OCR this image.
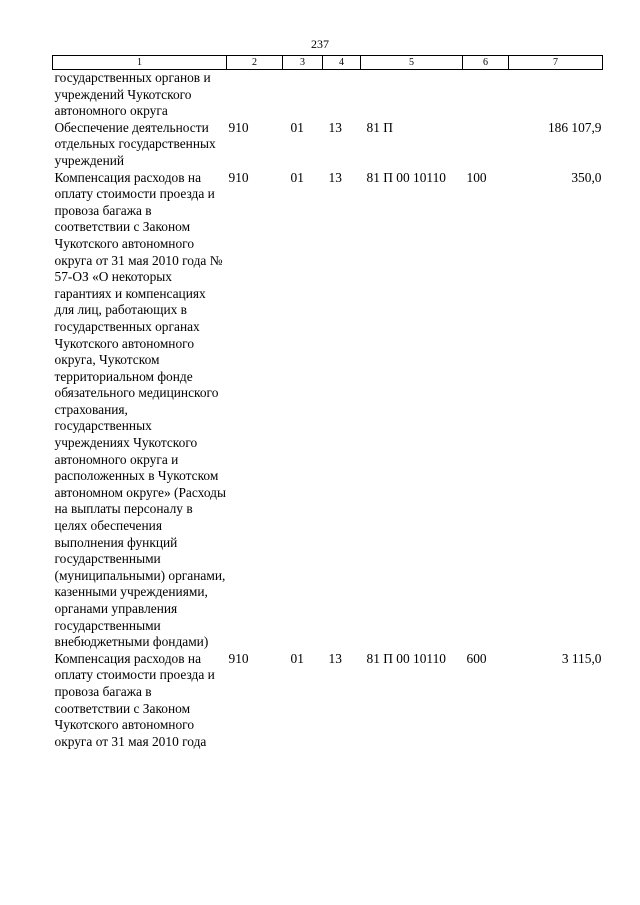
237
1	2	3	4	5	6	7
государственных органов и учреждений Чукотского автономного округа						
Обеспечение деятельности отдельных государственных учреждений	910	01	13	81 П		186 107,9
Компенсация расходов на оплату стоимости проезда и провоза багажа в соответствии с Законом Чукотского автономного округа от 31 мая 2010 года № 57-ОЗ «О некоторых гарантиях и компенсациях для лиц, работающих в государственных органах Чукотского автономного округа, Чукотском территориальном фонде обязательного медицинского страхования, государственных учреждениях Чукотского автономного округа и расположенных в Чукотском автономном округе» (Расходы на выплаты персоналу в целях обеспечения выполнения функций государственными (муниципальными) органами, казенными учреждениями, органами управления государственными внебюджетными фондами)	910	01	13	81 П 00 10110	100	350,0
Компенсация расходов на оплату стоимости проезда и провоза багажа в соответствии с Законом Чукотского автономного округа от 31 мая 2010 года	910	01	13	81 П 00 10110	600	3 115,0
